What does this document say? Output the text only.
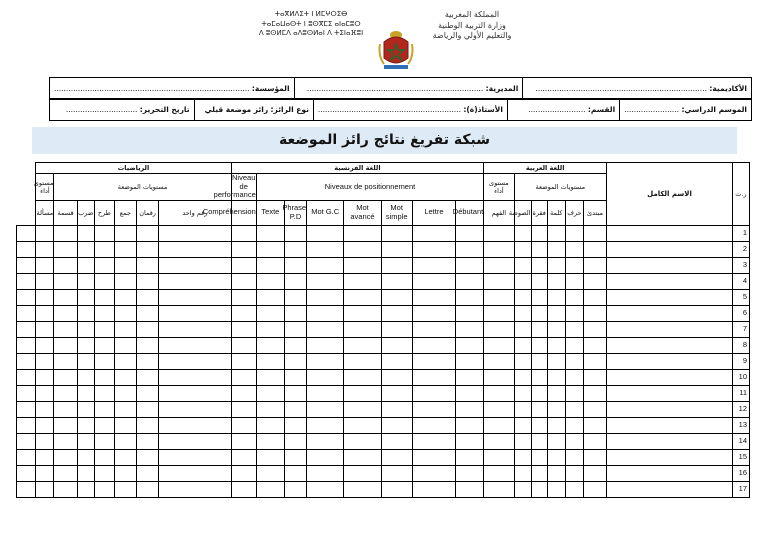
ⵜⴰⴳⵍⴷⵉⵜ ⵏ ⵍⵎⵖⵔⵉⴱ
ⵜⴰⵎⴰⵡⴰⵙⵜ ⵏ ⵓⵙⴳⵎⵉ ⴰⵏⴰⵎⵓⵔ
ⴷ ⵓⵙⵍⵎⴷ ⴰⴷⵓⵙⵍⴰⵏ ⴷ ⵜⵉⵏⴰⴼⵓⵏ
المملكة المغربية
وزارة التربية الوطنية
والتعليم الأولي والرياضة
الأكاديمية: ........................................................................	المديرية: ..........................................................................	المؤسسة: ..................................................................................
الموسم الدراسي: .......................	القسم: ........................	الأستاذ(ة): ............................................................	نوع الرائز: رائز موضعة قبلي	تاريخ التحرير: ..............................
شبكة تفريغ نتائج رائز الموضعة
ر.ت	الاسم الكامل	اللغة العربية						اللغة الفرنسية								الرياضيات							
		مستويات الموضعة					مستوى أداء	Niveaux de positionnement							Niveau de performance	مستويات الموضعة						مستوى أداء	
		مبتدئ	حرف	كلمة	فقرة	الصوصة	الفهم	Débutant	Lettre	Mot simple	Mot avancé	Mot G.C	Phrase P.D	Texte	Compréhension	رقم واحد	رقمان	جمع	طرح	ضرب	قسمة	مسألة	
1																							
2																							
3																							
4																							
5																							
6																							
7																							
8																							
9																							
10																							
11																							
12																							
13																							
14																							
15																							
16																							
17																							
